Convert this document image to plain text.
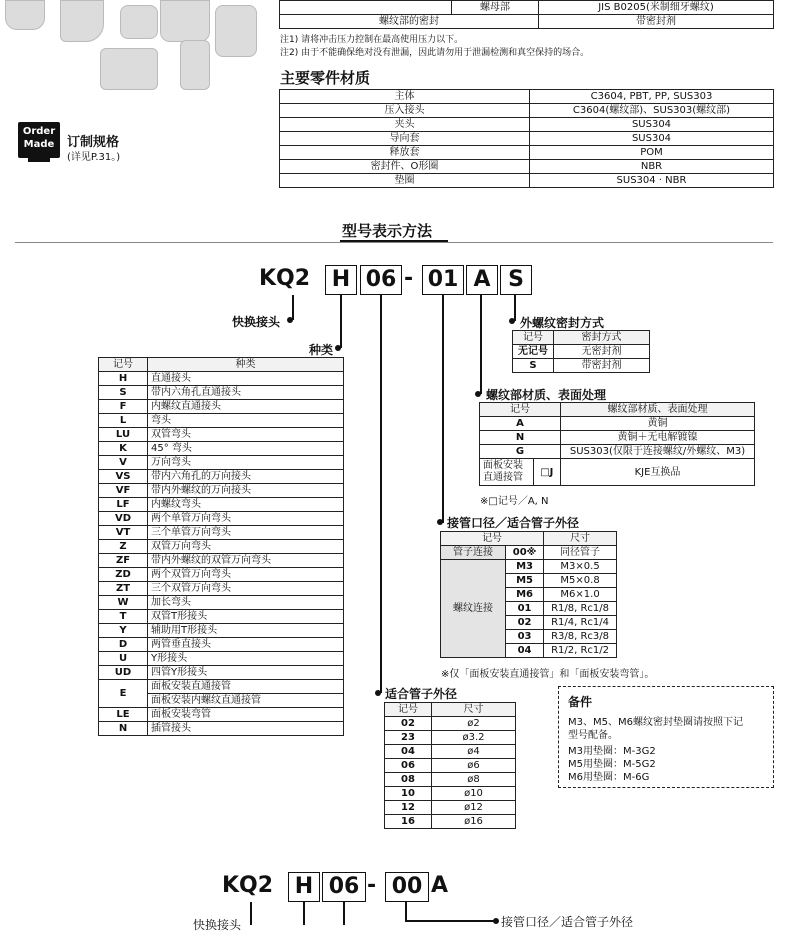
	螺母部	JIS B0205(米制细牙螺纹)
螺纹部的密封		带密封剂
注1) 请将冲击压力控制在最高使用压力以下。
注2) 由于不能确保绝对没有泄漏，因此请勿用于泄漏检测和真空保持的场合。
主要零件材质
主体	C3604, PBT, PP, SUS303
压入接头	C3604(螺纹部)、SUS303(螺纹部)
夹头	SUS304
导向套	SUS304
释放套	POM
密封件、O形圈	NBR
垫圈	SUS304 · NBR
Order
Made 订制规格
(详见P.31。)
型号表示方法
KQ2 H 06 - 01 A S
快换接头
种类
适合管子外径
接管口径／适合管子外径
螺纹部材质、表面处理
外螺纹密封方式
记号	种类
H	直通接头
S	带内六角孔直通接头
F	内螺纹直通接头
L	弯头
LU	双管弯头
K	45° 弯头
V	万向弯头
VS	带内六角孔的万向接头
VF	带内外螺纹的万向接头
LF	内螺纹弯头
VD	两个单管万向弯头
VT	三个单管万向弯头
Z	双管万向弯头
ZF	带内外螺纹的双管万向弯头
ZD	两个双管万向弯头
ZT	三个双管万向弯头
W	加长弯头
T	双管T形接头
Y	辅助用T形接头
D	两管垂直接头
U	Y形接头
UD	四管Y形接头
E	面板安装直通接管
	面板安装内螺纹直通接管
LE	面板安装弯管
N	插管接头
记号	密封方式
无记号	无密封剂
S	带密封剂
记号		螺纹部材质、表面处理
A		黄铜
N		黄铜＋无电解镀镍
G		SUS303(仅限于连接螺纹/外螺纹、M3)
面板安装直通接管	□J	KJE互换品
※□记号／A, N
记号		尺寸
管子连接	00※	同径管子
螺纹连接	M3	M3×0.5
	M5	M5×0.8
	M6	M6×1.0
	01	R1/8, Rc1/8
	02	R1/4, Rc1/4
	03	R3/8, Rc3/8
	04	R1/2, Rc1/2
※仅「面板安装直通接管」和「面板安装弯管」。
记号	尺寸
02	ø2
23	ø3.2
04	ø4
06	ø6
08	ø8
10	ø10
12	ø12
16	ø16
备件
M3、M5、M6螺纹密封垫圈请按照下记
型号配备。
M3用垫圈：M-3G2
M5用垫圈：M-5G2
M6用垫圈：M-6G
KQ2 H 06 - 00 A
快换接头	接管口径／适合管子外径
